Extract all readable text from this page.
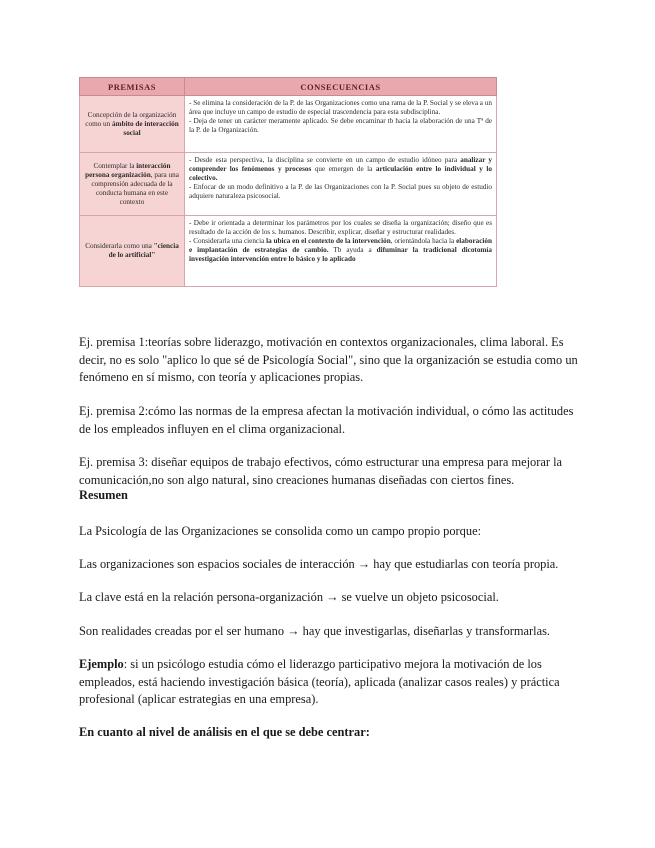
PREMISAS	CONSECUENCIAS
Concepción de la organización como un ámbito de interacción social	- Se elimina la consideración de la P. de las Organizaciones como una rama de la P. Social y se eleva a un área que incluye un campo de estudio de especial trascendencia para esta subdisciplina.
- Deja de tener un carácter meramente aplicado. Se debe encaminar tb hacia la elaboración de una Tª de la P. de la Organización.

Contemplar la interacción persona organización, para una comprensión adecuada de la conducta humana en este contexto	- Desde esta perspectiva, la disciplina se convierte en un campo de estudio idóneo para analizar y comprender los fenómenos y procesos que emergen de la articulación entre lo individual y lo colectivo.
- Enfocar de un modo definitivo a la P. de las Organizaciones con la P. Social pues su objeto de estudio adquiere naturaleza psicosocial.

Considerarla como una "ciencia de lo artificial"	- Debe ir orientada a determinar los parámetros por los cuales se diseña la organización; diseño que es resultado de la acción de los s. humanos. Describir, explicar, diseñar y estructurar realidades.
- Considerarla una ciencia la ubica en el contexto de la intervención, orientándola hacia la elaboración e implantación de estrategias de cambio. Tb ayuda a difuminar la tradicional dicotomía investigación intervención entre lo básico y lo aplicado
Ej. premisa 1:teorías sobre liderazgo, motivación en contextos organizacionales, clima laboral. Es decir, no es solo "aplico lo que sé de Psicología Social", sino que la organización se estudia como un fenómeno en sí mismo, con teoría y aplicaciones propias.
Ej. premisa 2:cómo las normas de la empresa afectan la motivación individual, o cómo las actitudes de los empleados influyen en el clima organizacional.
Ej. premisa 3: diseñar equipos de trabajo efectivos, cómo estructurar una empresa para mejorar la comunicación,no son algo natural, sino creaciones humanas diseñadas con ciertos fines.
Resumen
La Psicología de las Organizaciones se consolida como un campo propio porque:
Las organizaciones son espacios sociales de interacción → hay que estudiarlas con teoría propia.
La clave está en la relación persona-organización → se vuelve un objeto psicosocial.
Son realidades creadas por el ser humano → hay que investigarlas, diseñarlas y transformarlas.
Ejemplo: si un psicólogo estudia cómo el liderazgo participativo mejora la motivación de los empleados, está haciendo investigación básica (teoría), aplicada (analizar casos reales) y práctica profesional (aplicar estrategias en una empresa).
En cuanto al nivel de análisis en el que se debe centrar:
